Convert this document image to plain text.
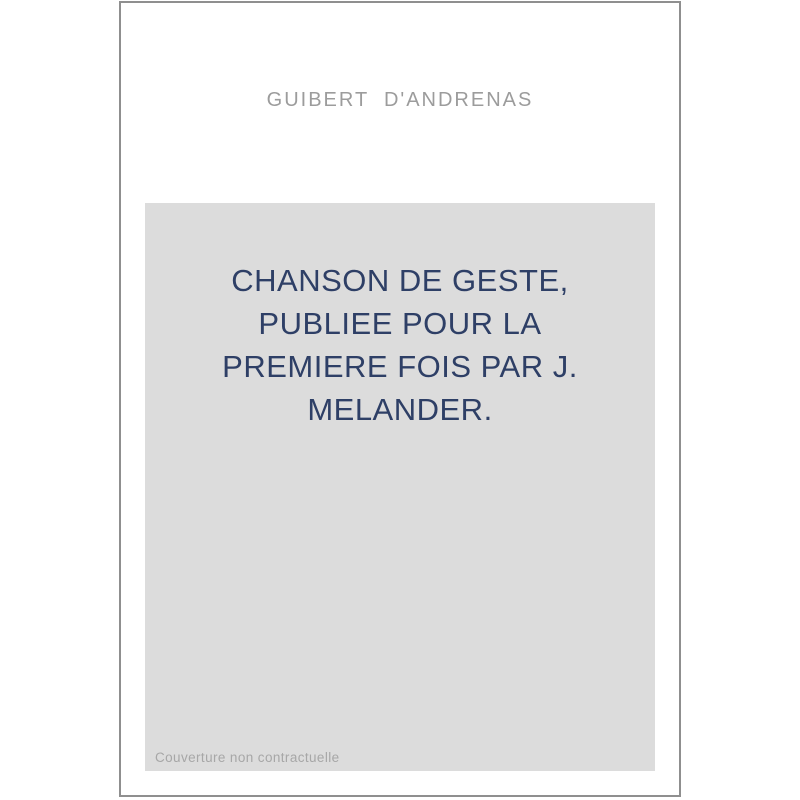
GUIBERT  D'ANDRENAS
CHANSON DE GESTE,
PUBLIEE POUR LA
PREMIERE FOIS PAR J.
MELANDER.
Couverture non contractuelle
